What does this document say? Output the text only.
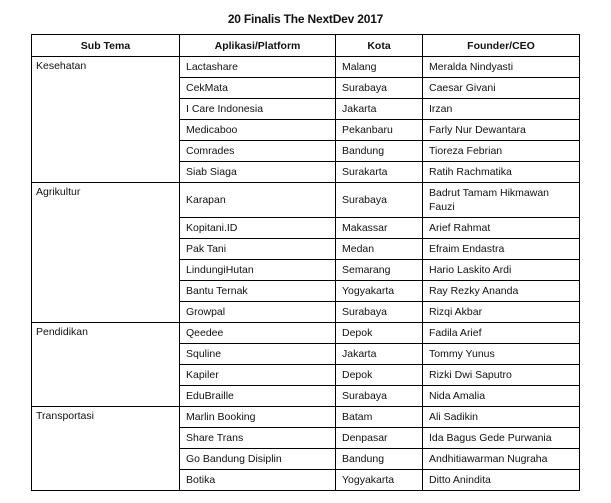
20 Finalis The NextDev 2017
Sub Tema	Aplikasi/Platform	Kota	Founder/CEO
Kesehatan	Lactashare	Malang	Meralda Nindyasti
	CekMata	Surabaya	Caesar Givani
	I Care Indonesia	Jakarta	Irzan
	Medicaboo	Pekanbaru	Farly Nur Dewantara
	Comrades	Bandung	Tioreza Febrian
	Siab Siaga	Surakarta	Ratih Rachmatika
Agrikultur	Karapan	Surabaya	Badrut Tamam Hikmawan Fauzi
	Kopitani.ID	Makassar	Arief Rahmat
	Pak Tani	Medan	Efraim Endastra
	LindungiHutan	Semarang	Hario Laskito Ardi
	Bantu Ternak	Yogyakarta	Ray Rezky Ananda
	Growpal	Surabaya	Rizqi Akbar
Pendidikan	Qeedee	Depok	Fadila Arief
	Squline	Jakarta	Tommy Yunus
	Kapiler	Depok	Rizki Dwi Saputro
	EduBraille	Surabaya	Nida Amalia
Transportasi	Marlin Booking	Batam	Ali Sadikin
	Share Trans	Denpasar	Ida Bagus Gede Purwania
	Go Bandung Disiplin	Bandung	Andhitiawarman Nugraha
	Botika	Yogyakarta	Ditto Anindita
